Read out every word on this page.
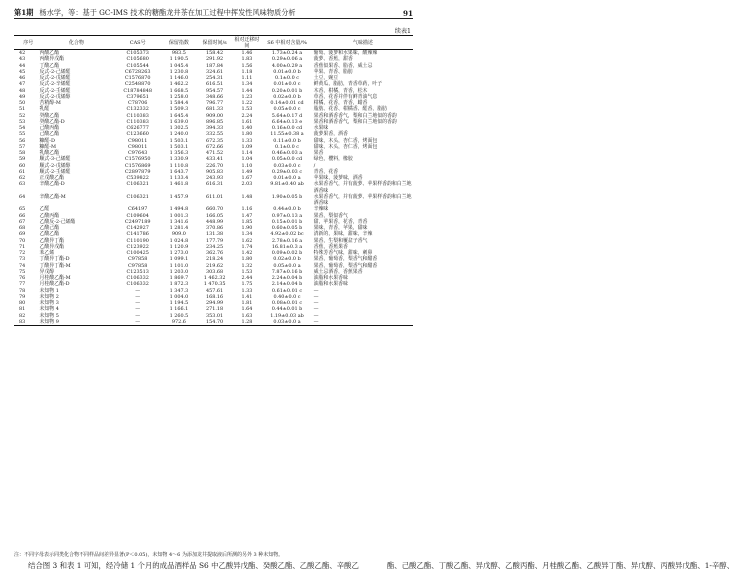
第1期 杨水学，等：基于 GC-IMS 技术的糖酯龙井茶在加工过程中挥发性风味物质分析	91
续表1
序号	化合物	CAS号	保留指数	保留时间/s	相对迁移时间	S6 中相对含量/%	气味描述
42	丙酸乙酯	C105373	983.5	158.42	1.46	1.73±0.24 a	葡萄、菠萝和水果味，酸辣辣
43	丙酸异戊酯	C105680	1 190.5	291.92	1.83	0.29±0.06 a	菠萝、香蕉，甜香
44	丁酸乙酯	C105544	1 045.4	187.84	1.56	4.00±0.29 a	香蕉似果香、脂香，威士忌
45	反式-2-己烯醛	C6728263	1 230.8	324.61	1.18	0.01±0.0 b	苹果、青香、脂肪
46	反式-2-戊烯醛	C1576870	1 146.0	254.31	1.11	0.1±0.0 c	土豆，豌豆
47	反式-2-辛烯醛	C2548870	1 462.2	616.51	1.34	0.01±0.0 c	鲜黄瓜，脂肪，青香草药，叶子
48	反式-2-壬烯醛	C18784848	1 668.5	954.57	1.44	0.20±0.01 b	木香，柑橘，青香，松木
49	反式-2-戊烯醇	C379651	1 258.0	348.66	1.23	0.02±0.0 b	草香，花香并伴有鲜青油气息
50	苦精醇-M	C78706	1 584.4	796.77	1.22	0.14±0.01 cd	柑橘，花香，青香，蜡香
51	乳醛	C132332	1 509.3	681.33	1.53	0.05±0.0 c	脂肪、花香、柑橘香、醛香，脂肪
52	癸酸乙酯	C110383	1 645.4	909.00	2.24	5.64±0.17 d	果香和酒香香气，梨和白兰地似的香韵
53	癸酸乙酯-D	C110383	1 639.0	896.85	1.61	6.64±0.13 e	果香和酒香香气，梨和白兰地似的香韵
54	己酸丙酯	C626777	1 302.5	394.33	1.40	0.16±0.0 cd	水果味
55	己酸乙酯	C123660	1 240.0	332.55	1.80	11.55±0.38 a	菠萝果香，酒香
56	糠醛-D	C98011	1 503.1	672.35	1.33	0.11±0.0 b	甜味，木头，杏仁香，烤面包
57	糠醛-M	C98011	1 503.1	672.66	1.09	0.1±0.0 c	甜味，木头，杏仁香，烤面包
58	乳酸乙酯	C97643	1 356.3	471.52	1.14	0.46±0.03 a	果香
59	顺式-3-己烯醛	C1576950	1 330.9	433.41	1.04	0.05±0.0 cd	绿色，樱料，橡胶
60	顺式-2-戊烯醇	C1576869	1 110.8	226.70	1.10	0.03±0.0 c	/
61	顺式-2-壬烯醛	C2897879	1 643.7	905.83	1.49	0.29±0.03 c	青香，花香
62	正戊酸乙酯	C539822	1 133.4	243.93	1.67	0.01±0.0 a	苹果味，菠萝味，酒香
63	辛酸乙酯-D	C106321	1 461.8	616.31	2.03	9.81±0.40 ab	水果香香气，并有菠萝、苹果样香韵和白兰地酒香味
64	辛酸乙酯-M	C106321	1 457.9	611.01	1.48	1.90±0.05 b	水果香香气，并有菠萝、苹果样香韵和白兰地酒香味
65	乙醛	C64197	1 494.8	660.70	1.16	0.44±0.0 b	辛辣味
66	乙酸丙酯	C109604	1 001.3	166.05	1.47	0.97±0.13 a	果香，梨似香气
67	乙酸反-2-己烯酯	C2497189	1 341.6	448.99	1.85	0.15±0.01 b	甜，苹果香，花香，青香
68	乙酸己酯	C142927	1 281.4	370.86	1.90	0.60±0.05 b	果味，青香，苹果，甜味
69	乙酸乙酯	C141786	909.0	131.38	1.34	4.92±0.02 bc	清新的，果味，甜味，辛辣
70	乙酸异丁酯	C110190	1 024.8	177.79	1.62	2.78±0.16 a	果香，生梨和覆盆子香气
71	乙酸异戊酯	C123922	1 120.9	234.25	1.74	16.81±0.3 a	香蕉，香蕉果香
72	苯乙烯	C100425	1 273.0	362.76	1.42	0.09±0.02 b	特殊芳香气味，甜味，刺鼻
73	丁酸异丁酯-D	C97858	1 099.1	218.24	1.80	0.02±0.0 b	果香，葡萄香，梨香气和醋香
74	丁酸异丁酯-M	C97858	1 101.0	219.62	1.32	0.05±0.0 a	果香，葡萄香，梨香气和醋香
75	异戊醇	C123513	1 203.0	303.68	1.53	7.87±0.16 b	威士忌酒香，香蕉果香
76	月桂酸乙酯-M	C106332	1 869.7	1 462.32	2.44	2.24±0.04 b	油脂和水果香味
77	月桂酸乙酯-D	C106332	1 872.3	1 470.35	1.75	2.14±0.04 b	油脂和水果香味
78	未知物 1	—	1 347.3	457.61	1.33	0.61±0.01 c	—
79	未知物 2	—	1 004.0	168.16	1.41	0.40±0.0 c	—
80	未知物 3	—	1 194.5	294.99	1.81	0.08±0.01 c	—
81	未知物 4	—	1 166.1	271.18	1.64	0.44±0.01 b	—
82	未知物 5	—	1 260.5	353.01	1.63	1.19±0.03 ab	—
83	未知物 9	—	972.6	154.70	1.28	0.03±0.0 a	—
注：不同字母表示同类化合物不同样品间差异显著(P＜0.05)，未知物 4～6 为添加龙井提取液后所测的另外 3 种未知物。

结合图 3 和表 1 可知，经冷储 1 个月的成品酒样品 S6 中乙酸异戊酯、癸酸乙酯、乙酸乙酯、辛酸乙	酯、己酸乙酯、丁酸乙酯、异戊醇、乙酸丙酯、月桂酸乙酯、乙酸异丁酯、异戊醇、丙酸异戊酯、1-辛醇、
